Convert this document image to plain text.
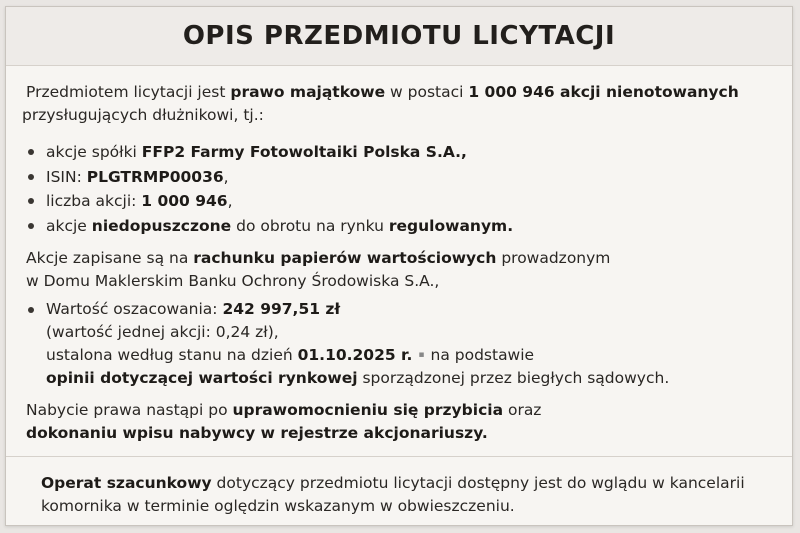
OPIS PRZEDMIOTU LICYTACJI

Przedmiotem licytacji jest prawo majątkowe w postaci 1 000 946 akcji nienotowanych
przysługujących dłużnikowi, tj.:

akcje spółki FFP2 Farmy Fotowoltaiki Polska S.A.,
ISIN: PLGTRMP00036,
liczba akcji: 1 000 946,
akcje niedopuszczone do obrotu na rynku regulowanym.

Akcje zapisane są na rachunku papierów wartościowych prowadzonym
w Domu Maklerskim Banku Ochrony Środowiska S.A.,

Wartość oszacowania: 242 997,51 zł
(wartość jednej akcji: 0,24 zł),
ustalona według stanu na dzień 01.10.2025 r. ▪ na podstawie
opinii dotyczącej wartości rynkowej sporządzonej przez biegłych sądowych.

Nabycie prawa nastąpi po uprawomocnieniu się przybicia oraz
dokonaniu wpisu nabywcy w rejestrze akcjonariuszy.

Operat szacunkowy dotyczący przedmiotu licytacji dostępny jest do wglądu w kancelarii
komornika w terminie oględzin wskazanym w obwieszczeniu.
